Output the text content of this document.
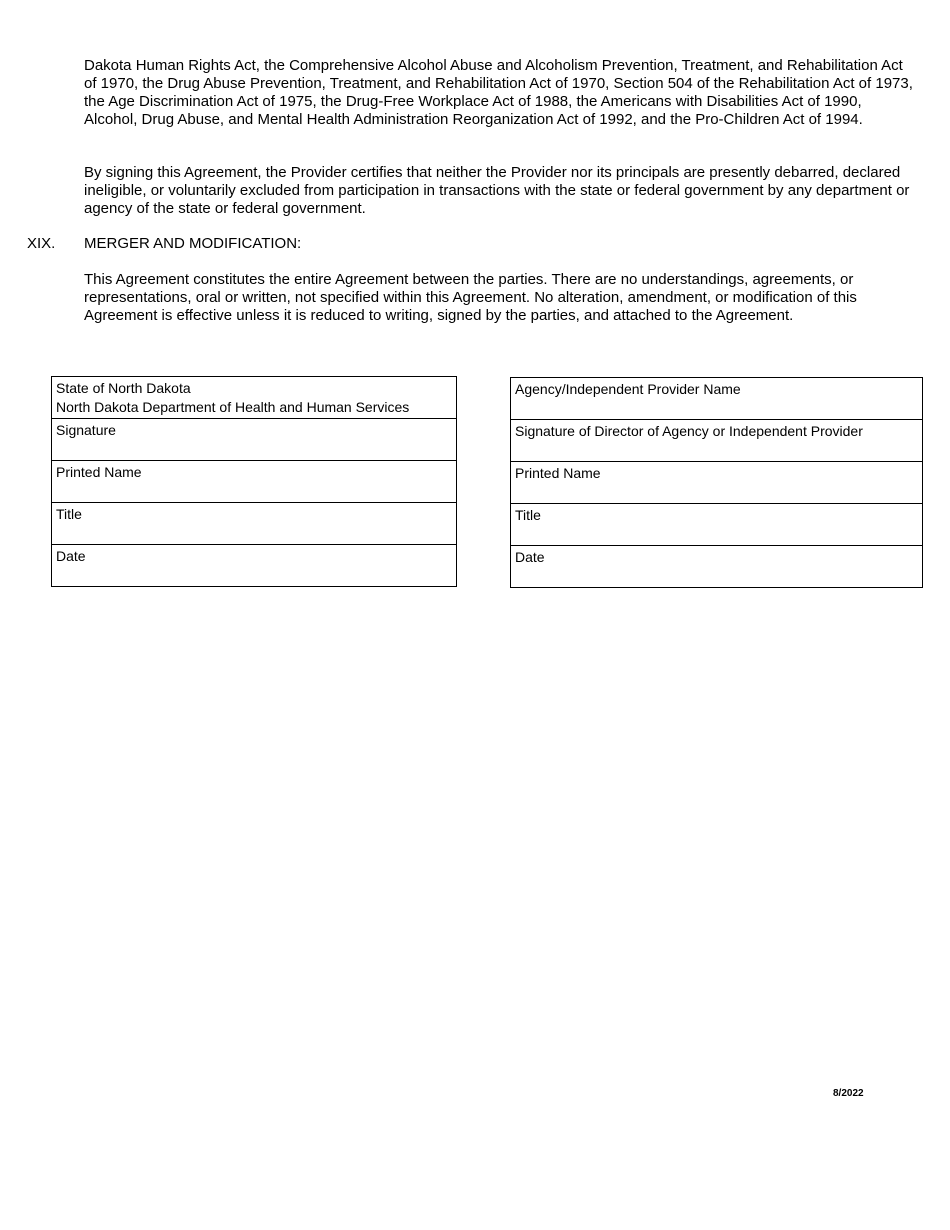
Dakota Human Rights Act, the Comprehensive Alcohol Abuse and Alcoholism Prevention, Treatment, and Rehabilitation Act of 1970, the Drug Abuse Prevention, Treatment, and Rehabilitation Act of 1970, Section 504 of the Rehabilitation Act of 1973, the Age Discrimination Act of 1975, the Drug-Free Workplace Act of 1988, the Americans with Disabilities Act of 1990, Alcohol, Drug Abuse, and Mental Health Administration Reorganization Act of 1992, and the Pro-Children Act of 1994.

By signing this Agreement, the Provider certifies that neither the Provider nor its principals are presently debarred, declared ineligible, or voluntarily excluded from participation in transactions with the state or federal government by any department or agency of the state or federal government.

XIX. MERGER AND MODIFICATION:

This Agreement constitutes the entire Agreement between the parties. There are no understandings, agreements, or representations, oral or written, not specified within this Agreement. No alteration, amendment, or modification of this Agreement is effective unless it is reduced to writing, signed by the parties, and attached to the Agreement.

State of North Dakota
North Dakota Department of Health and Human Services
Signature
Printed Name
Title
Date
Agency/Independent Provider Name
Signature of Director of Agency or Independent Provider
Printed Name
Title
Date
8/2022
